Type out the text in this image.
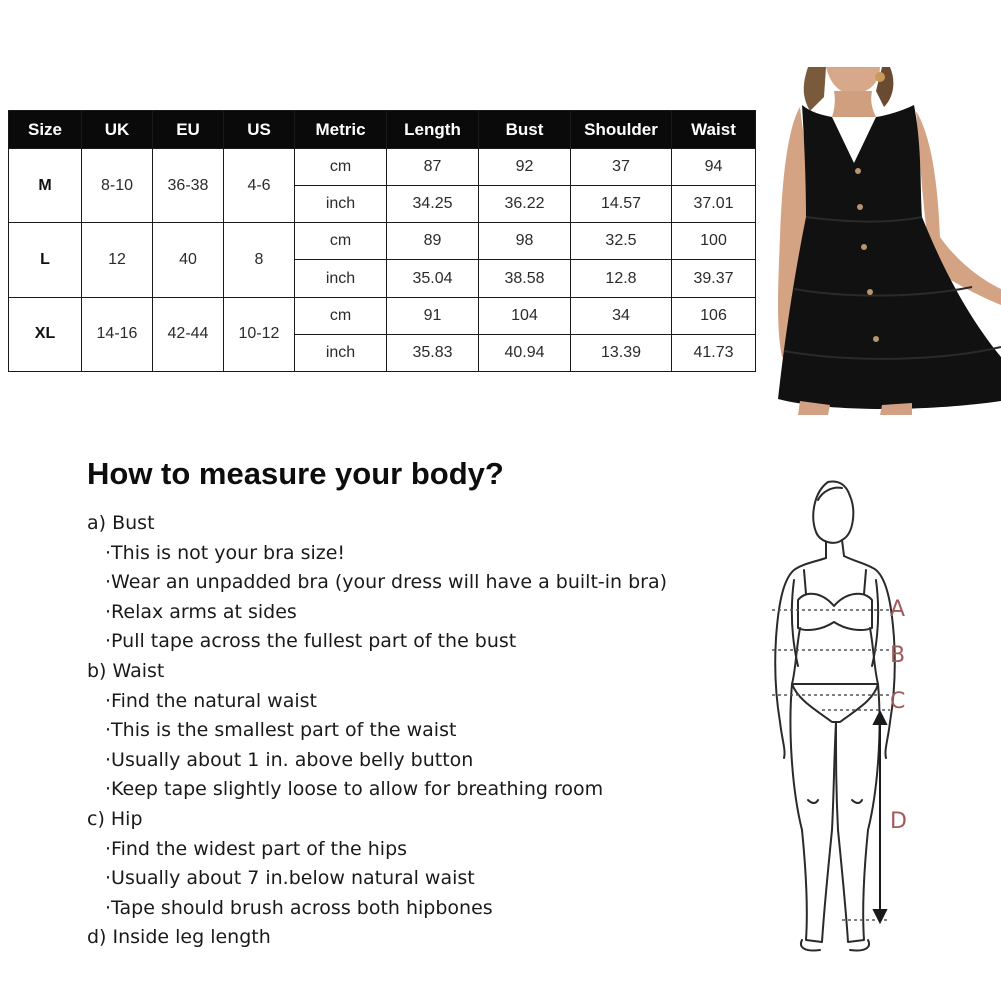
Size	UK	EU	US	Metric	Length	Bust	Shoulder	Waist
M	8-10	36-38	4-6	cm	87	92	37	94
				inch	34.25	36.22	14.57	37.01
L	12	40	8	cm	89	98	32.5	100
				inch	35.04	38.58	12.8	39.37
XL	14-16	42-44	10-12	cm	91	104	34	106
				inch	35.83	40.94	13.39	41.73
How to measure your body?
a) Bust
·This is not your bra size!
·Wear an unpadded bra (your dress will have a built-in bra)
·Relax arms at sides
·Pull tape across the fullest part of the bust
b) Waist
·Find the natural waist
·This is the smallest part of the waist
·Usually about 1 in. above belly button
·Keep tape slightly loose to allow for breathing room
c) Hip
·Find the widest part of the hips
·Usually about 7 in.below natural waist
·Tape should brush across both hipbones
d) Inside leg length
A
B
C
D
